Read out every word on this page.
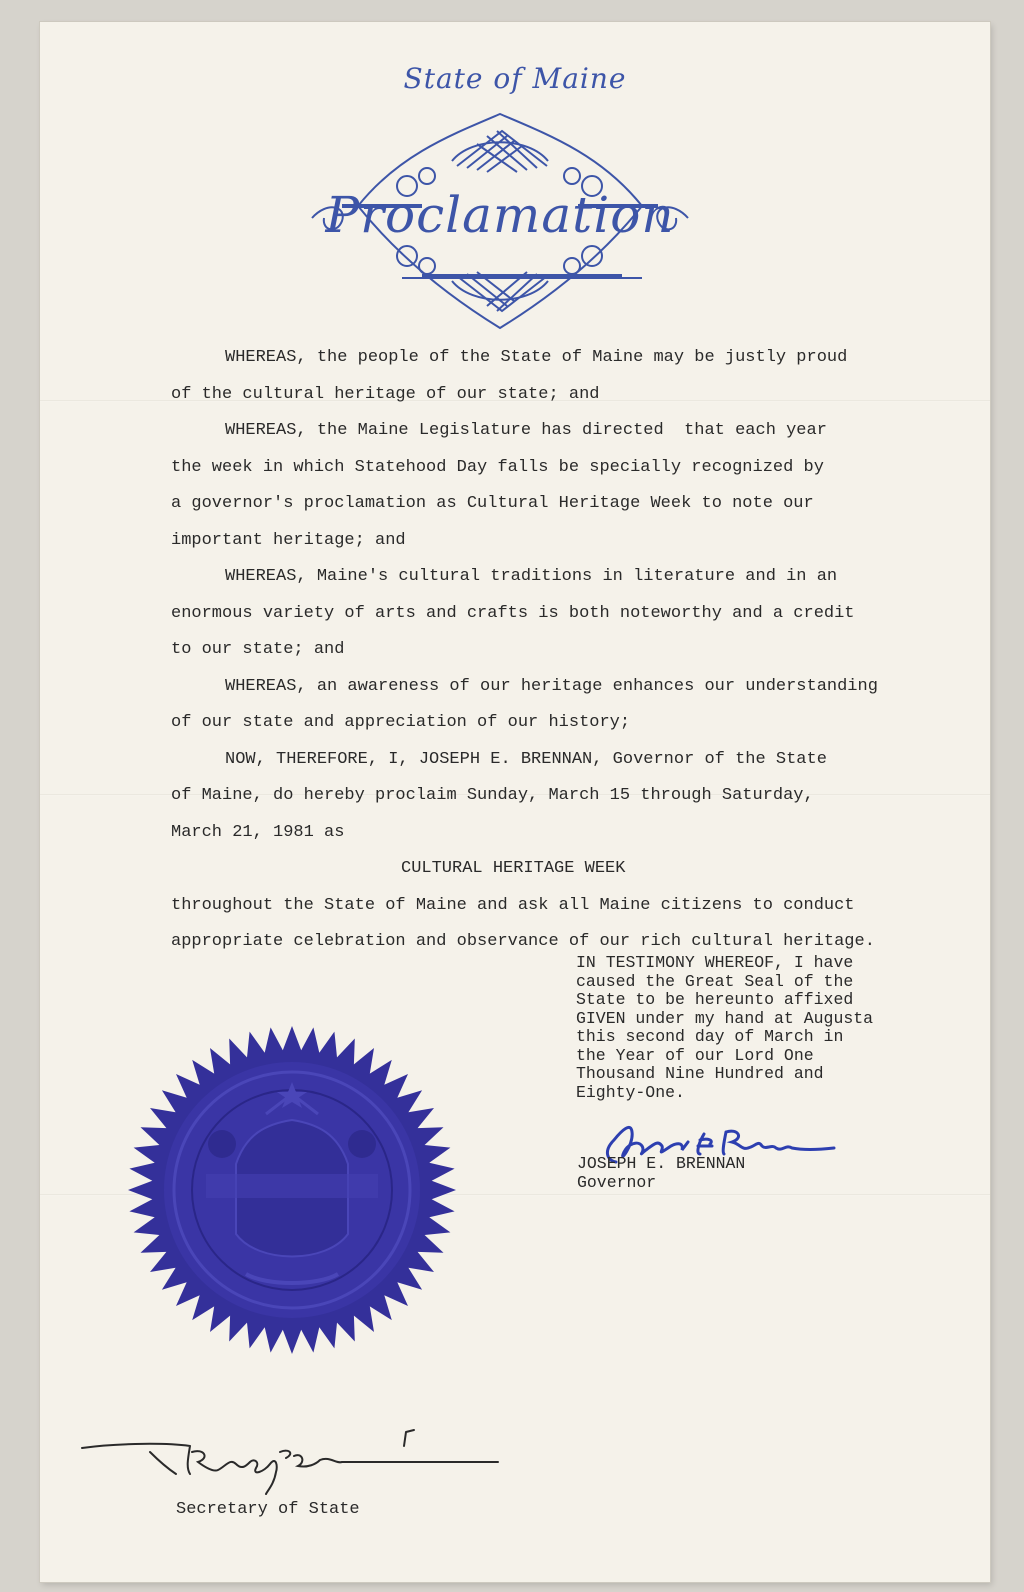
State of Maine
Proclamation
WHEREAS, the people of the State of Maine may be justly proud
of the cultural heritage of our state; and
WHEREAS, the Maine Legislature has directed  that each year
the week in which Statehood Day falls be specially recognized by
a governor's proclamation as Cultural Heritage Week to note our
important heritage; and
WHEREAS, Maine's cultural traditions in literature and in an
enormous variety of arts and crafts is both noteworthy and a credit
to our state; and
WHEREAS, an awareness of our heritage enhances our understanding
of our state and appreciation of our history;
NOW, THEREFORE, I, JOSEPH E. BRENNAN, Governor of the State
of Maine, do hereby proclaim Sunday, March 15 through Saturday,
March 21, 1981 as
CULTURAL HERITAGE WEEK
throughout the State of Maine and ask all Maine citizens to conduct
appropriate celebration and observance of our rich cultural heritage.
IN TESTIMONY WHEREOF, I have
caused the Great Seal of the
State to be hereunto affixed
GIVEN under my hand at Augusta
this second day of March in
the Year of our Lord One
Thousand Nine Hundred and
Eighty-One.
JOSEPH E. BRENNAN
Governor
Secretary of State
